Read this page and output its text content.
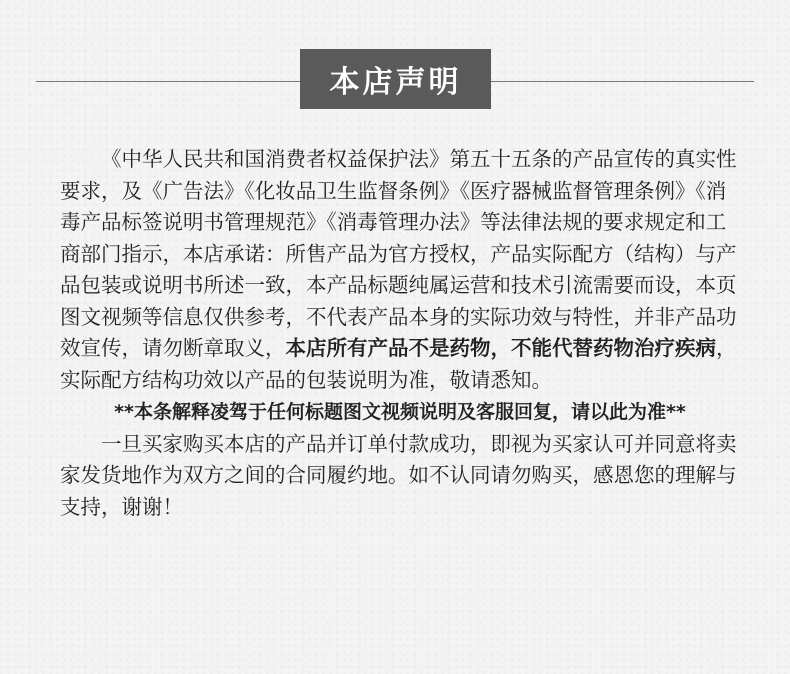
本店声明

《中华人民共和国消费者权益保护法》第五十五条的产品宣传的真实性要求，及《广告法》《化妆品卫生监督条例》《医疗器械监督管理条例》《消毒产品标签说明书管理规范》《消毒管理办法》等法律法规的要求规定和工商部门指示，本店承诺：所售产品为官方授权，产品实际配方（结构）与产品包装或说明书所述一致，本产品标题纯属运营和技术引流需要而设，本页图文视频等信息仅供参考，不代表产品本身的实际功效与特性，并非产品功效宣传，请勿断章取义，本店所有产品不是药物，不能代替药物治疗疾病，实际配方结构功效以产品的包装说明为准，敬请悉知。

**本条解释凌驾于任何标题图文视频说明及客服回复，请以此为准**

一旦买家购买本店的产品并订单付款成功，即视为买家认可并同意将卖家发货地作为双方之间的合同履约地。如不认同请勿购买，感恩您的理解与支持，谢谢！
